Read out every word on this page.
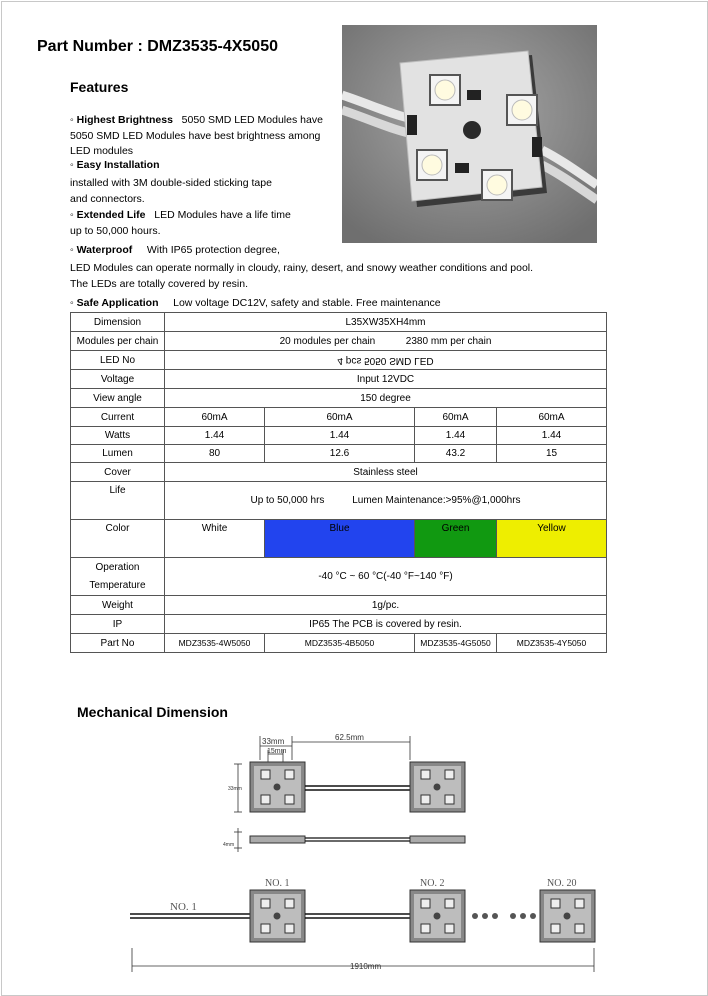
Part Number : DMZ3535-4X5050
Features
◦ Highest Brightness 5050 SMD LED Modules have
5050 SMD LED Modules have best brightness among
LED modules
◦ Easy Installation
installed with 3M double-sided sticking tape
and connectors.
◦ Extended Life LED Modules have a life time
up to 50,000 hours.
◦ Waterproof With IP65 protection degree,
LED Modules can operate normally in cloudy, rainy, desert, and snowy weather conditions and pool.
The LEDs are totally covered by resin.
◦ Safe Application Low voltage DC12V, safety and stable. Free maintenance
Dimension	L35XW35XH4mm				
Modules per chain	20 modules per chain 2380 mm per chain				
LED No	4 pcs 5050 SMD LED				
Voltage	Input 12VDC				
View angle	150 degree				
Current	60mA	60mA	60mA	60mA	
Watts	1.44	1.44	1.44	1.44	
Lumen	80	12.6	43.2	15	
Cover	Stainless steel				
Life	Up to 50,000 hrs Lumen Maintenance:>95%@1,000hrs				
Color	White	Blue	Green	Yellow	
Operation
Temperature	-40 °C ~ 60 °C(-40 °F~140 °F)				
Weight	1g/pc.				
IP	IP65 The PCB is covered by resin.				
Part No	MDZ3535-4W5050	MDZ3535-4B5050	MDZ3535-4G5050	MDZ3535-4Y5050	
Mechanical Dimension
33mm
15mm
62.5mm
33mm
4mm
NO. 1	NO. 2	NO. 20
NO. 1
1910mm
